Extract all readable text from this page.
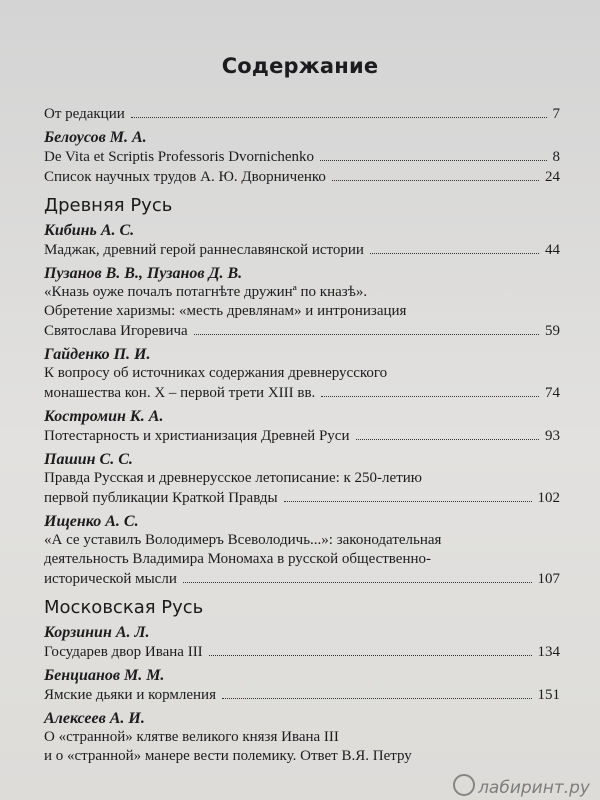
Содержание
От редакции	7
Белоусов М. А.
De Vita et Scriptis Professoris Dvornichenko	8
Список научных трудов А. Ю. Дворниченко	24
Древняя Русь
Кибинь А. С.
Маджак, древний герой раннеславянской истории	44
Пузанов В. В., Пузанов Д. В.
«Кназь оуже почалъ потагнѣте дружинª по кназѣ».
Обретение харизмы: «месть древлянам» и интронизация
Святослава Игоревича	59
Гайденко П. И.
К вопросу об источниках содержания древнерусского
монашества кон. X – первой трети XIII вв.	74
Костромин К. А.
Потестарность и христианизация Древней Руси	93
Пашин С. С.
Правда Русская и древнерусское летописание: к 250-летию
первой публикации Краткой Правды	102
Ищенко А. С.
«А се уставилъ Володимеръ Всеволодичь...»: законодательная
деятельность Владимира Мономаха в русской общественно-
исторической мысли	107
Московская Русь
Корзинин А. Л.
Государев двор Ивана III	134
Бенцианов М. М.
Ямские дьяки и кормления	151
Алексеев А. И.
О «странной» клятве великого князя Ивана III
и о «странной» манере вести полемику. Ответ В.Я. Петру
лабиринт.ру
